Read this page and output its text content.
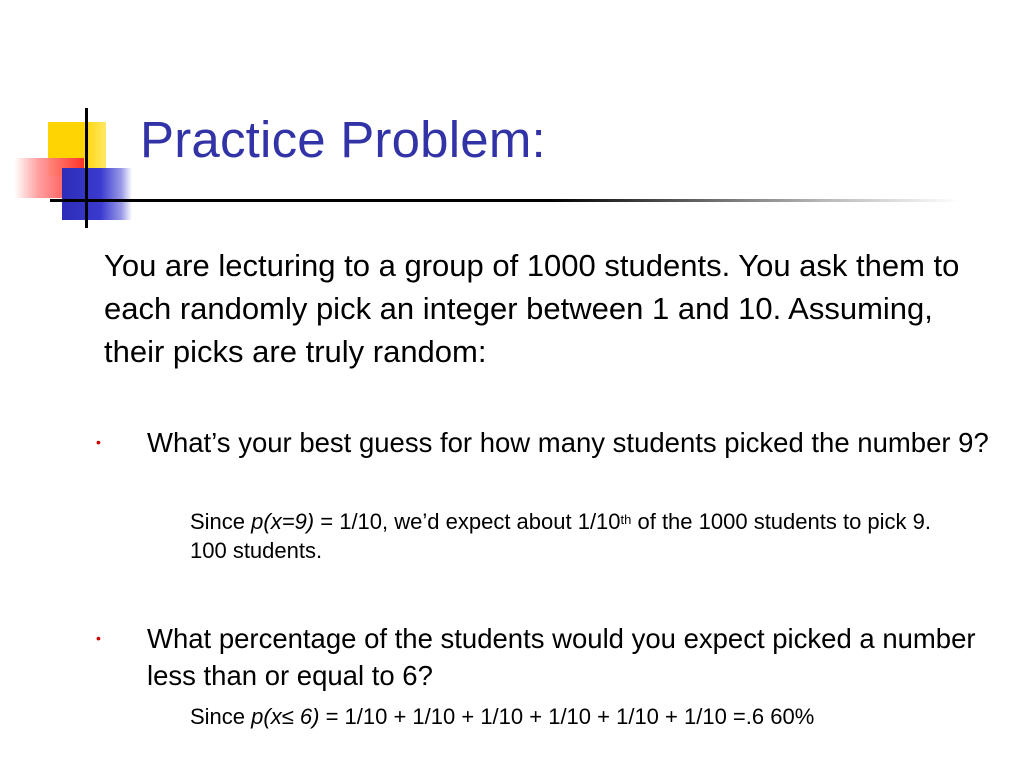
Practice Problem:

You are lecturing to a group of 1000 students. You ask them to each randomly pick an integer between 1 and 10. Assuming, their picks are truly random:

• What’s your best guess for how many students picked the number 9?

Since p(x=9) = 1/10, we’d expect about 1/10th of the 1000 students to pick 9. 100 students.

• What percentage of the students would you expect picked a number less than or equal to 6?

Since p(x≤ 6) = 1/10 + 1/10 + 1/10 + 1/10 + 1/10 + 1/10 =.6 60%
